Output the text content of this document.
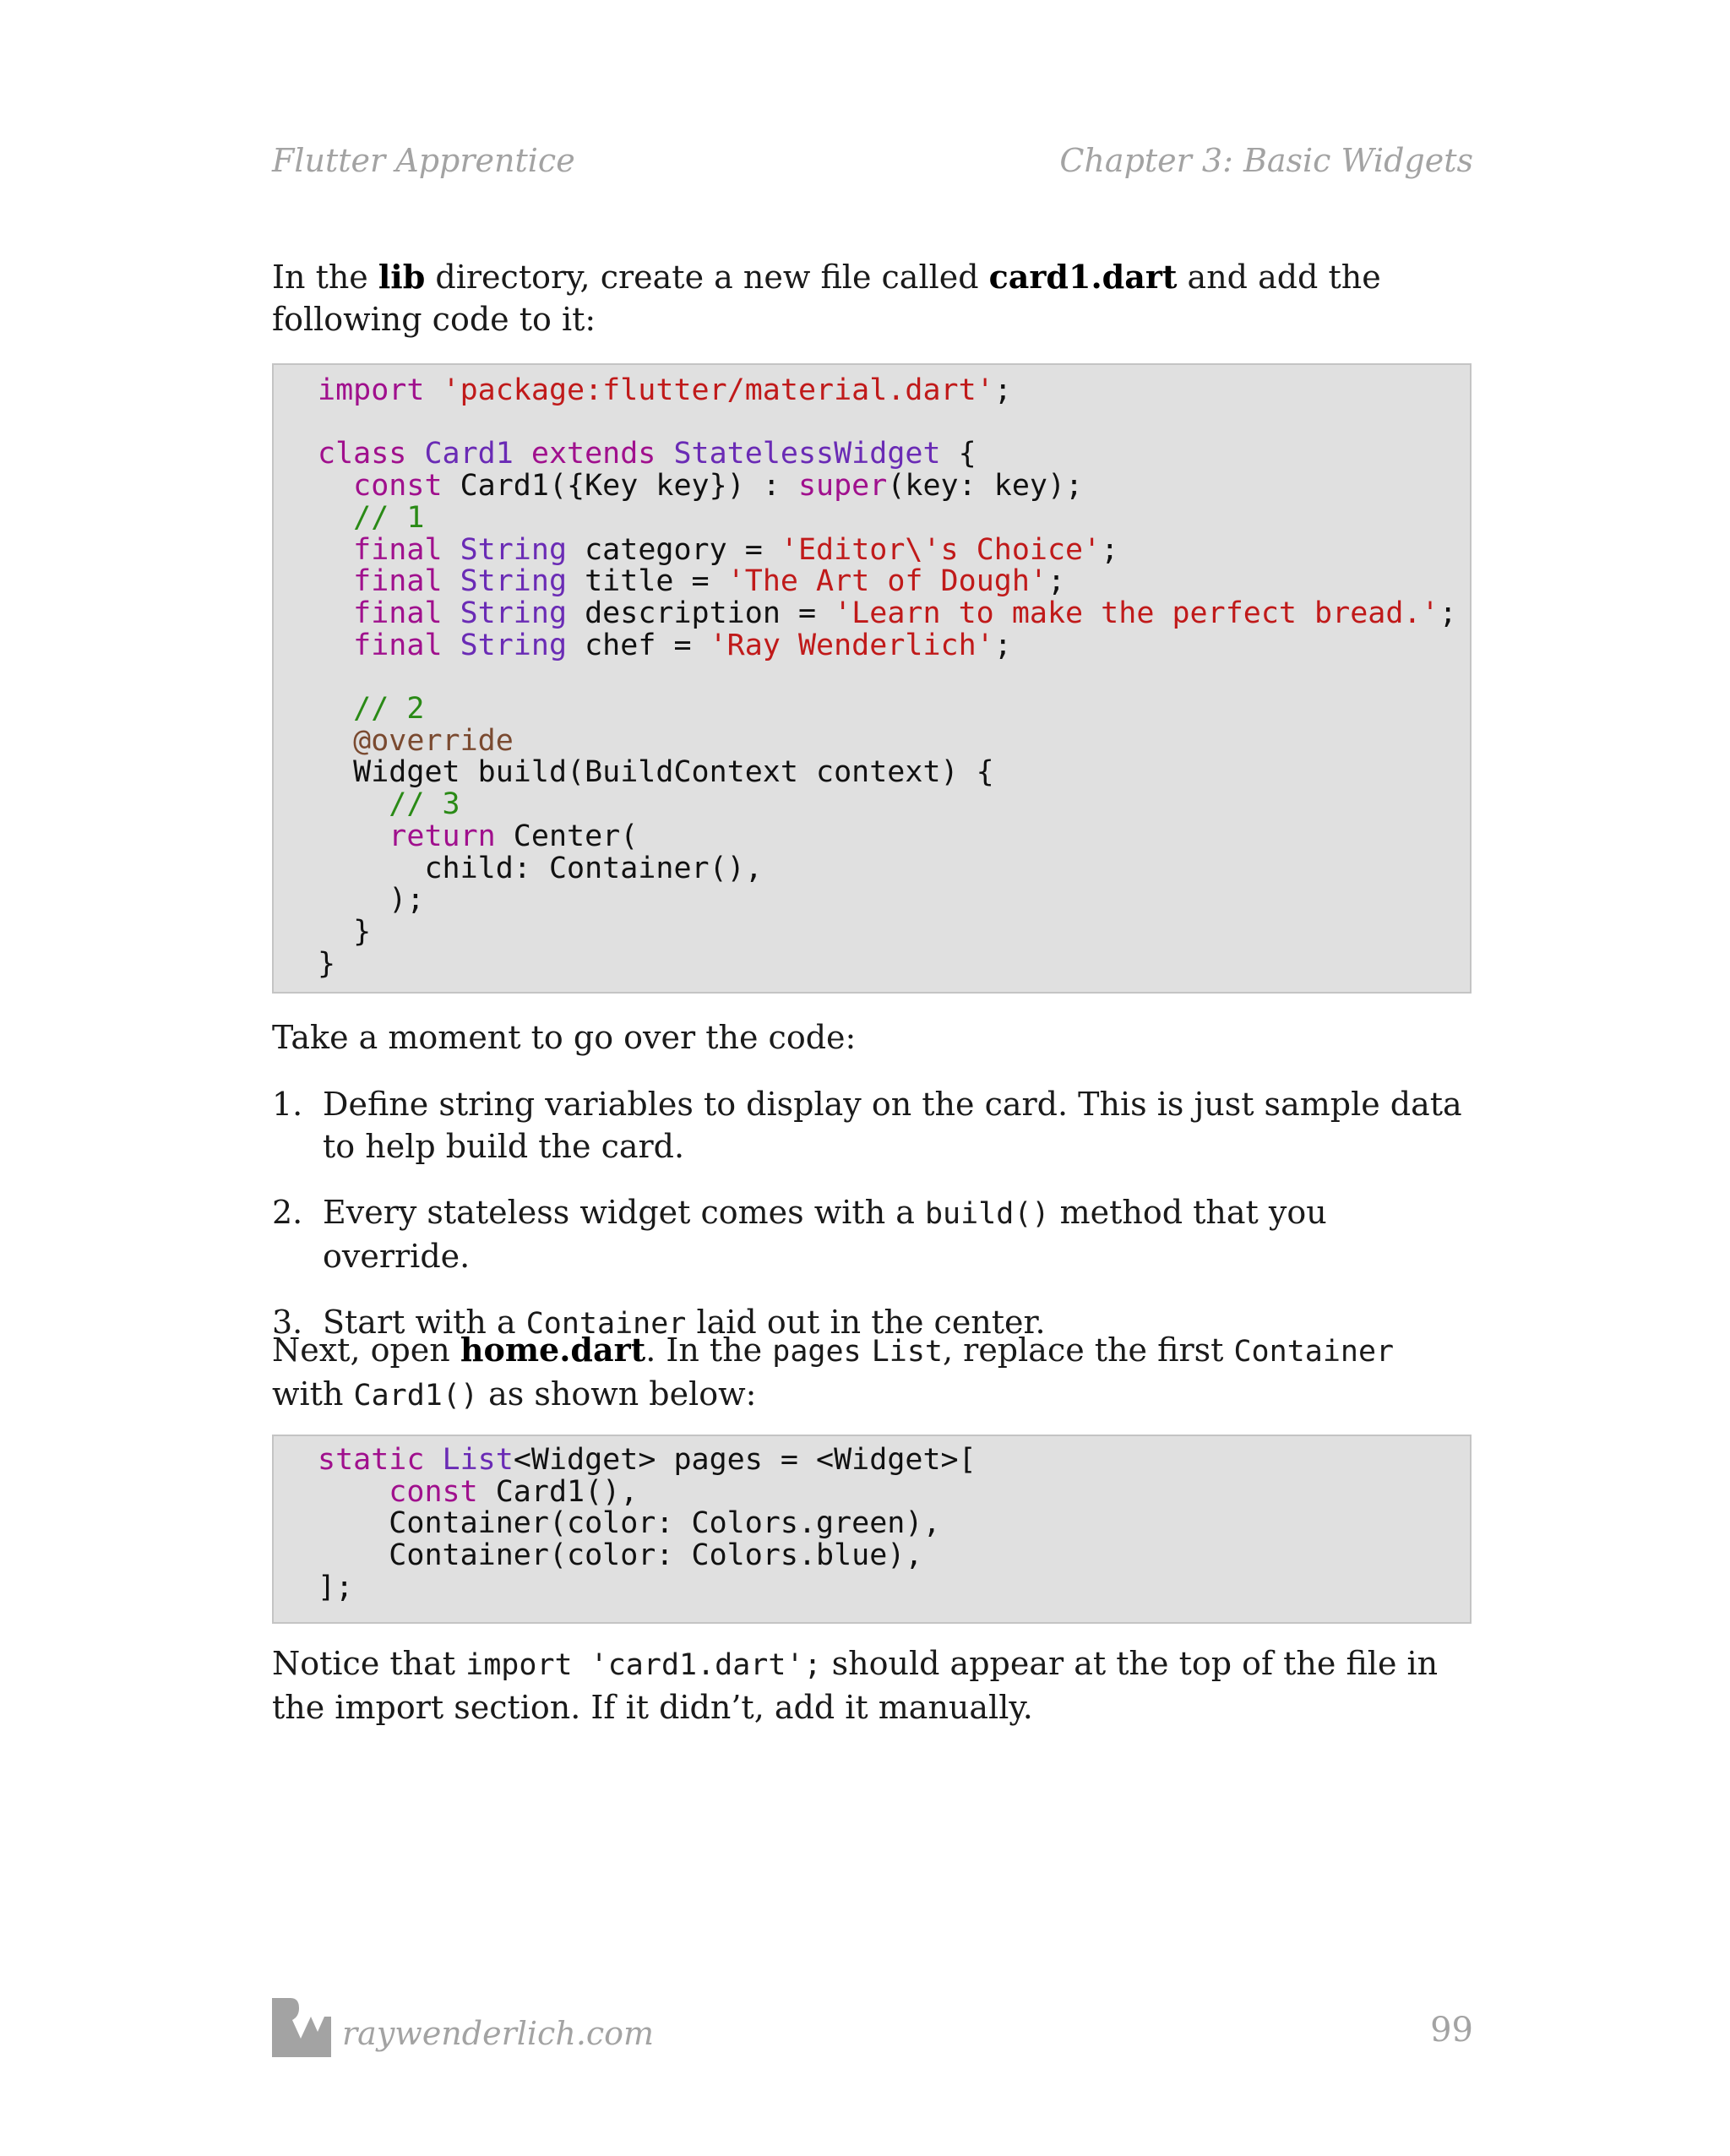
Flutter Apprentice	Chapter 3: Basic Widgets
In the lib directory, create a new file called card1.dart and add the following code to it:
import 'package:flutter/material.dart';

class Card1 extends StatelessWidget {
const Card1({Key key}) : super(key: key);
// 1
final String category = 'Editor\'s Choice';
final String title = 'The Art of Dough';
final String description = 'Learn to make the perfect bread.';
final String chef = 'Ray Wenderlich';

// 2
@override
Widget build(BuildContext context) {
// 3
return Center(
child: Container(),
);
}
}
Take a moment to go over the code:
1. Define string variables to display on the card. This is just sample data to help build the card.
2. Every stateless widget comes with a build() method that you override.
3. Start with a Container laid out in the center.
Next, open home.dart. In the pages List, replace the first Container with Card1() as shown below:
static List<Widget> pages = <Widget>[
const Card1(),
Container(color: Colors.green),
Container(color: Colors.blue),
];
Notice that import 'card1.dart'; should appear at the top of the file in the import section. If it didn’t, add it manually.
raywenderlich.com	99
